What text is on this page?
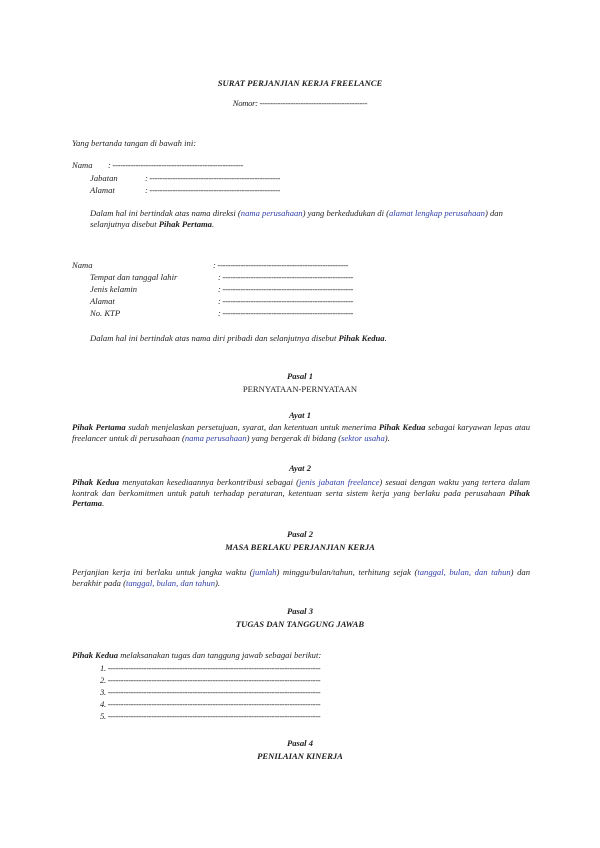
SURAT PERJANJIAN KERJA FREELANCE
Nomor: ------------------------------------------
Yang bertanda tangan di bawah ini:
Nama : ---------------------------------------------------
Jabatan	: ---------------------------------------------------
Alamat	: ---------------------------------------------------
Dalam hal ini bertindak atas nama direksi (nama perusahaan) yang berkedudukan di (alamat lengkap perusahaan) dan selanjutnya disebut Pihak Pertama.
Nama	: ---------------------------------------------------
Tempat dan tanggal lahir	: ---------------------------------------------------
Jenis kelamin	: ---------------------------------------------------
Alamat	: ---------------------------------------------------
No. KTP	: ---------------------------------------------------
Dalam hal ini bertindak atas nama diri pribadi dan selanjutnya disebut Pihak Kedua.
Pasal 1
PERNYATAAN-PERNYATAAN
Ayat 1
Pihak Pertama sudah menjelaskan persetujuan, syarat, dan ketentuan untuk menerima Pihak Kedua sebagai karyawan lepas atau freelancer untuk di perusahaan (nama perusahaan) yang bergerak di bidang (sektor usaha).
Ayat 2
Pihak Kedua menyatakan kesediaannya berkontribusi sebagai (jenis jabatan freelance) sesuai dengan waktu yang tertera dalam kontrak dan berkomitmen untuk patuh terhadap peraturan, ketentuan serta sistem kerja yang berlaku pada perusahaan Pihak Pertama.
Pasal 2
MASA BERLAKU PERJANJIAN KERJA
Perjanjian kerja ini berlaku untuk jangka waktu (jumlah) minggu/bulan/tahun, terhitung sejak (tanggal, bulan, dan tahun) dan berakhir pada (tanggal, bulan, dan tahun).
Pasal 3
TUGAS DAN TANGGUNG JAWAB
Pihak Kedua melaksanakan tugas dan tanggung jawab sebagai berikut:
1. -----------------------------------------------------------------------------------
2. -----------------------------------------------------------------------------------
3. -----------------------------------------------------------------------------------
4. -----------------------------------------------------------------------------------
5. -----------------------------------------------------------------------------------
Pasal 4
PENILAIAN KINERJA
